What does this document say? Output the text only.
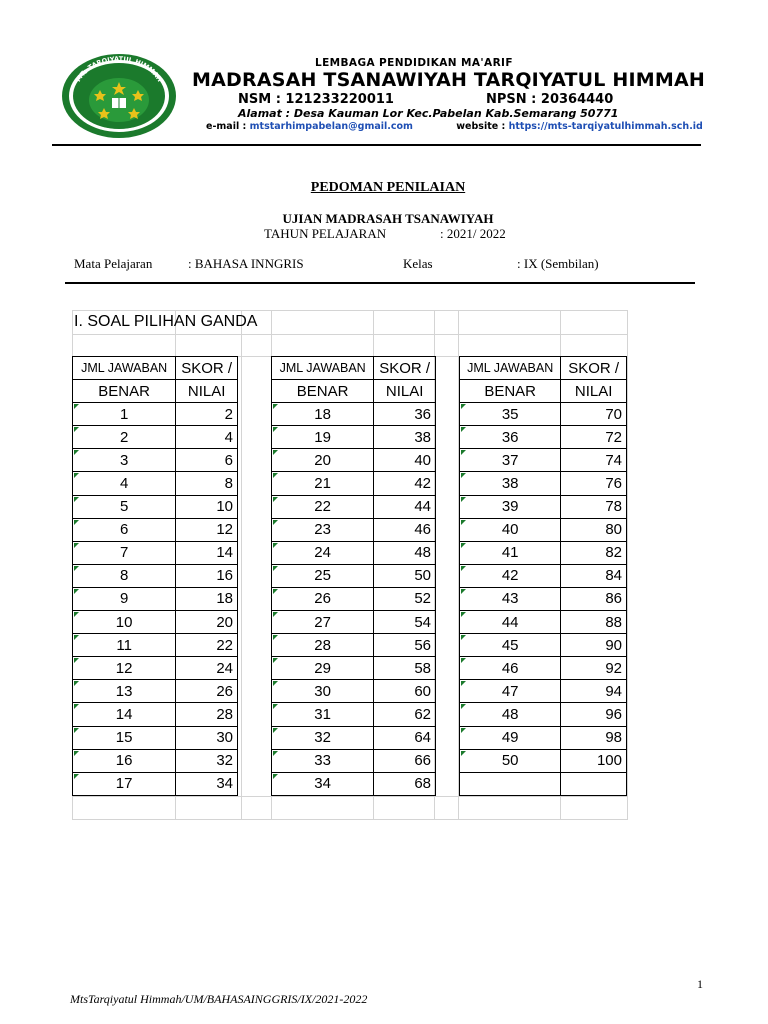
MTs TARQIYATUL HIMMAH
LEMBAGA PENDIDIKAN MA'ARIF
MADRASAH TSANAWIYAH TARQIYATUL HIMMAH
NSM : 121233220011	NPSN : 20364440
Alamat : Desa Kauman Lor Kec.Pabelan Kab.Semarang 50771
e-mail : mtstarhimpabelan@gmail.com	website : https://mts-tarqiyatulhimmah.sch.id
PEDOMAN PENILAIAN
UJIAN MADRASAH TSANAWIYAH
TAHUN PELAJARAN	: 2021/ 2022
Mata Pelajaran	: BAHASA INNGRIS	Kelas	: IX (Sembilan)
I. SOAL PILIHAN GANDA
JML JAWABAN	SKOR /
BENAR	NILAI
1	2
2	4
3	6
4	8
5	10
6	12
7	14
8	16
9	18
10	20
11	22
12	24
13	26
14	28
15	30
16	32
17	34
JML JAWABAN	SKOR /
BENAR	NILAI
18	36
19	38
20	40
21	42
22	44
23	46
24	48
25	50
26	52
27	54
28	56
29	58
30	60
31	62
32	64
33	66
34	68
JML JAWABAN	SKOR /
BENAR	NILAI
35	70
36	72
37	74
38	76
39	78
40	80
41	82
42	84
43	86
44	88
45	90
46	92
47	94
48	96
49	98
50	100

1
MtsTarqiyatul Himmah/UM/BAHASAINGGRIS/IX/2021-2022
